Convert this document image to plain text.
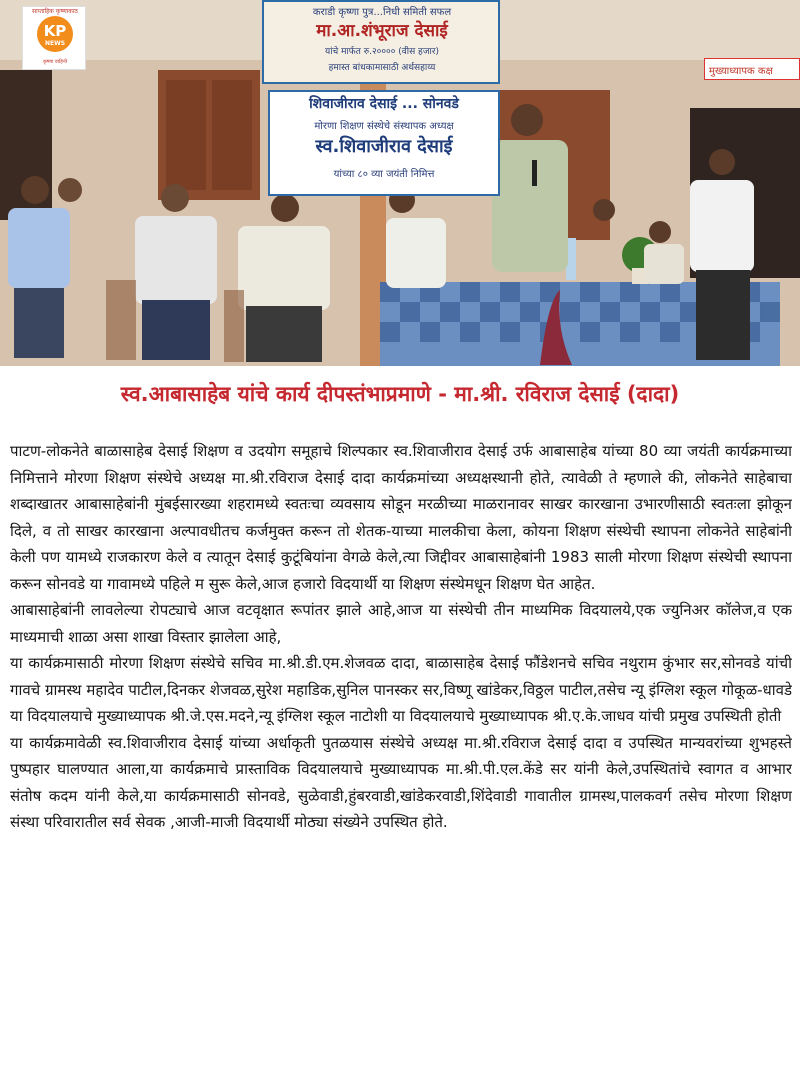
साप्ताहिक कृष्णाकाठ
KP
NEWS
कृष्णा वाहिनी
कराडी कृष्णा पुत्र...निधी समिती सफल
मा.आ.शंभूराज देसाई
यांचे मार्फत रु.२०००० (वीस हजार)
हमास्त बांधकामासाठी अर्थसहाय्य
शिवाजीराव देसाई ... सोनवडे
मोरणा शिक्षण संस्थेचे संस्थापक अध्यक्ष
स्व.शिवाजीराव देसाई
यांच्या ८० व्या जयंती निमित्त
मुख्याध्यापक कक्ष
स्व.आबासाहेब यांचे कार्य दीपस्तंभाप्रमाणे - मा.श्री. रविराज देसाई (दादा)

पाटण-लोकनेते बाळासाहेब देसाई शिक्षण व उदयोग समूहाचे शिल्पकार स्व.शिवाजीराव देसाई उर्फ आबासाहेब यांच्या 80 व्या जयंती कार्यक्रमाच्या निमित्ताने मोरणा शिक्षण संस्थेचे अध्यक्ष मा.श्री.रविराज देसाई दादा कार्यक्रमांच्या अध्यक्षस्थानी होते, त्यावेळी ते म्हणाले की, लोकनेते साहेबाचा शब्दाखातर आबासाहेबांनी मुंबईसारख्या शहरामध्ये स्वतःचा व्यवसाय सोडून मरळीच्या माळरानावर साखर कारखाना उभारणीसाठी स्वतःला झोकून दिले, व तो साखर कारखाना अल्पावधीतच कर्जमुक्त करून तो शेतक-याच्या मालकीचा केला, कोयना शिक्षण संस्थेची स्थापना लोकनेते साहेबांनी केली पण यामध्ये राजकारण केले व त्यातून देसाई कुटूंबियांना वेगळे केले,त्या जिद्दीवर आबासाहेबांनी 1983 साली मोरणा शिक्षण संस्थेची स्थापना करून सोनवडे या गावामध्ये पहिले म सुरू केले,आज हजारो विदयार्थी या शिक्षण संस्थेमधून शिक्षण घेत आहेत.

आबासाहेबांनी लावलेल्या रोपट्याचे आज वटवृक्षात रूपांतर झाले आहे,आज या संस्थेची तीन माध्यमिक विदयालये,एक ज्युनिअर कॉलेज,व एक माध्यमाची शाळा असा शाखा विस्तार झालेला आहे,

या कार्यक्रमासाठी मोरणा शिक्षण संस्थेचे सचिव मा.श्री.डी.एम.शेजवळ दादा, बाळासाहेब देसाई फौंडेशनचे सचिव नथुराम कुंभार सर,सोनवडे यांची गावचे ग्रामस्थ महादेव पाटील,दिनकर शेजवळ,सुरेश महाडिक,सुनिल पानस्कर सर,विष्णू खांडेकर,विठ्ठल पाटील,तसेच न्यू इंग्लिश स्कूल गोकूळ-धावडे या विदयालयाचे मुख्याध्यापक श्री.जे.एस.मदने,न्यू इंग्लिश स्कूल नाटोशी या विदयालयाचे मुख्याध्यापक श्री.ए.के.जाधव यांची प्रमुख उपस्थिती होती

या कार्यक्रमावेळी स्व.शिवाजीराव देसाई यांच्या अर्धाकृती पुतळयास संस्थेचे अध्यक्ष मा.श्री.रविराज देसाई दादा व उपस्थित मान्यवरांच्या शुभहस्ते पुष्पहार घालण्यात आला,या कार्यक्रमाचे प्रास्ताविक विदयालयाचे मुख्याध्यापक मा.श्री.पी.एल.केंडे सर यांनी केले,उपस्थितांचे स्वागत व आभार संतोष कदम यांनी केले,या कार्यक्रमासाठी सोनवडे, सुळेवाडी,हुंबरवाडी,खांडेकरवाडी,शिंदेवाडी गावातील ग्रामस्थ,पालकवर्ग तसेच मोरणा शिक्षण संस्था परिवारातील सर्व सेवक ,आजी-माजी विदयार्थी मोठ्या संख्येने उपस्थित होते.
